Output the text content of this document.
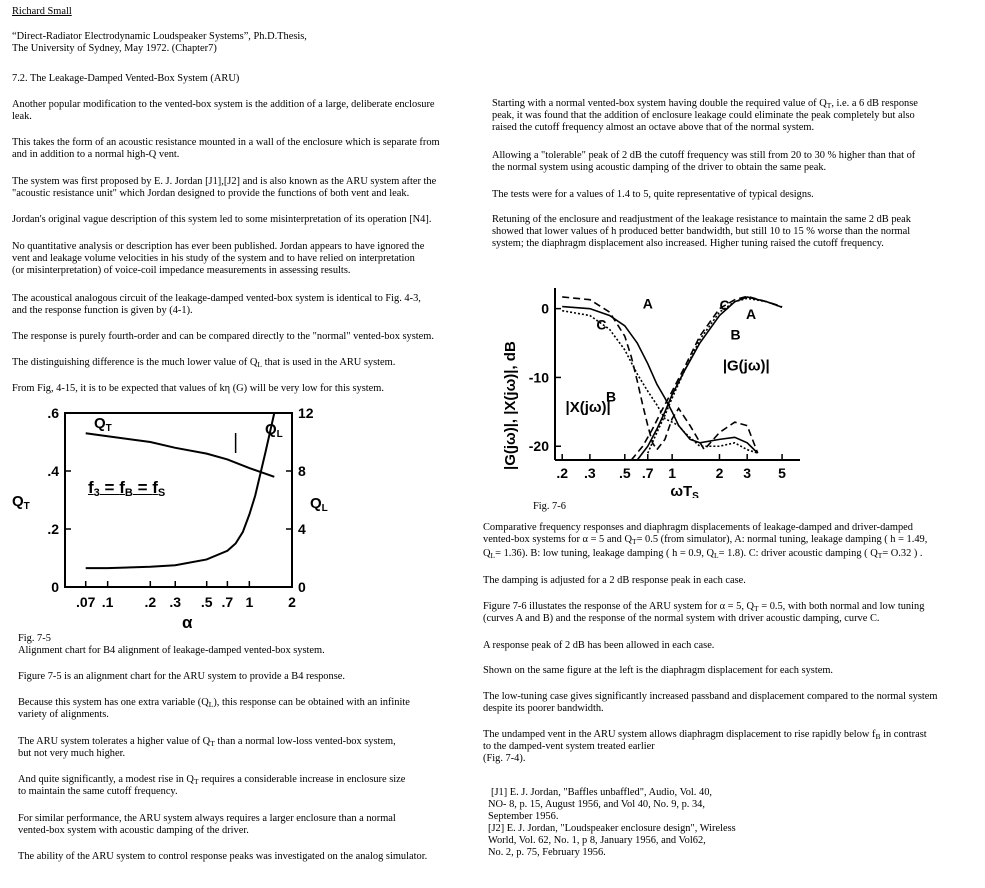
Richard Small
“Direct-Radiator Electrodynamic Loudspeaker Systems”, Ph.D.Thesis,
The University of Sydney, May 1972. (Chapter7)
7.2. The Leakage-Damped Vented-Box System (ARU)
Another popular modification to the vented-box system is the addition of a large, deliberate enclosure
leak.
This takes the form of an acoustic resistance mounted in a wall of the enclosure which is separate from
and in addition to a normal high-Q vent.
The system was first proposed by E. J. Jordan [J1],[J2] and is also known as the ARU system after the
"acoustic resistance unit" which Jordan designed to provide the functions of both vent and leak.
Jordan's original vague description of this system led to some misinterpretation of its operation [N4].
No quantitative analysis or description has ever been published. Jordan appears to have ignored the
vent and leakage volume velocities in his study of the system and to have relied on interpretation
(or misinterpretation) of voice-coil impedance measurements in assessing results.
The acoustical analogous circuit of the leakage-damped vented-box system is identical to Fig. 4-3,
and the response function is given by (4-1).
The response is purely fourth-order and can be compared directly to the "normal" vented-box system.
The distinguishing difference is the much lower value of $Q_L$ that is used in the ARU system.
From Fig, 4-15, it is to be expected that values of kη (G) will be very low for this system.
.07 .1 .2 .3 .5 .7 1 2
.6
.4
.2
0
12
8
4
0
$Q_T$	$Q_L$
$f_3 = f_B = f_S$
$Q_T$	$Q_L$
α
Fig. 7-5
Alignment chart for B4 alignment of leakage-damped vented-box system.
Figure 7-5 is an alignment chart for the ARU system to provide a B4 response.
Because this system has one extra variable $(Q_L)$, this response can be obtained with an infinite
variety of alignments.
The ARU system tolerates a higher value of $Q_T$ than a normal low-loss vented-box system,
but not very much higher.
And quite significantly, a modest rise in $Q_T$ requires a considerable increase in enclosure size
to maintain the same cutoff frequency.
For similar performance, the ARU system always requires a larger enclosure than a normal
vented-box system with acoustic damping of the driver.
The ability of the ARU system to control response peaks was investigated on the analog simulator.
Starting with a normal vented-box system having double the required value of $Q_T$, i.e. a 6 dB response
peak, it was found that the addition of enclosure leakage could eliminate the peak completely but also
raised the cutoff frequency almost an octave above that of the normal system.
Allowing a "tolerable" peak of 2 dB the cutoff frequency was still from 20 to 30 % higher than that of
the normal system using acoustic damping of the driver to obtain the same peak.
The tests were for a values of 1.4 to 5, quite representative of typical designs.
Retuning of the enclosure and readjustment of the leakage resistance to maintain the same 2 dB peak
showed that lower values of h produced better bandwidth, but still 10 to 15 % worse than the normal
system; the diaphragm displacement also increased. Higher tuning raised the cutoff frequency.
.2 .3 .5 .7 1	2 3 5
0
-10
-20
|G(jω)|, |X(jω)|, dB
$\omega T_S$
|G(jω)|
|X(jω)|
A
C
B
C
A
B
Fig. 7-6
Comparative frequency responses and diaphragm displacements of leakage-damped and driver-damped
vented-box systems for α = 5 and $Q_T= 0.5$ (from simulator), A: normal tuning, leakage damping ( h = 1.49,
$Q_L= 1.36$). B: low tuning, leakage damping ( h = 0.9, $Q_L= 1.8$). C: driver acoustic damping ( $Q_T= O.32$ ) .
The damping is adjusted for a 2 dB response peak in each case.
Figure 7-6 illustates the response of the ARU system for α = 5, $Q_T = 0.5$, with both normal and low tuning
(curves A and B) and the response of the normal system with driver acoustic damping, curve C.
A response peak of 2 dB has been allowed in each case.
Shown on the same figure at the left is the diaphragm displacement for each system.
The low-tuning case gives significantly increased passband and displacement compared to the normal system
despite its poorer bandwidth.
The undamped vent in the ARU system allows diaphragm displacement to rise rapidly below $f_B$ in contrast
to the damped-vent system treated earlier
(Fig. 7-4).
[J1] E. J. Jordan, "Baffles unbaffled", Audio, Vol. 40,
NO- 8, p. 15, August 1956, and Vol 40, No. 9, p. 34,
September 1956.
[J2] E. J. Jordan, "Loudspeaker enclosure design", Wireless
World, Vol. 62, No. 1, p 8, January 1956, and Vol62,
No. 2, p. 75, February 1956.
